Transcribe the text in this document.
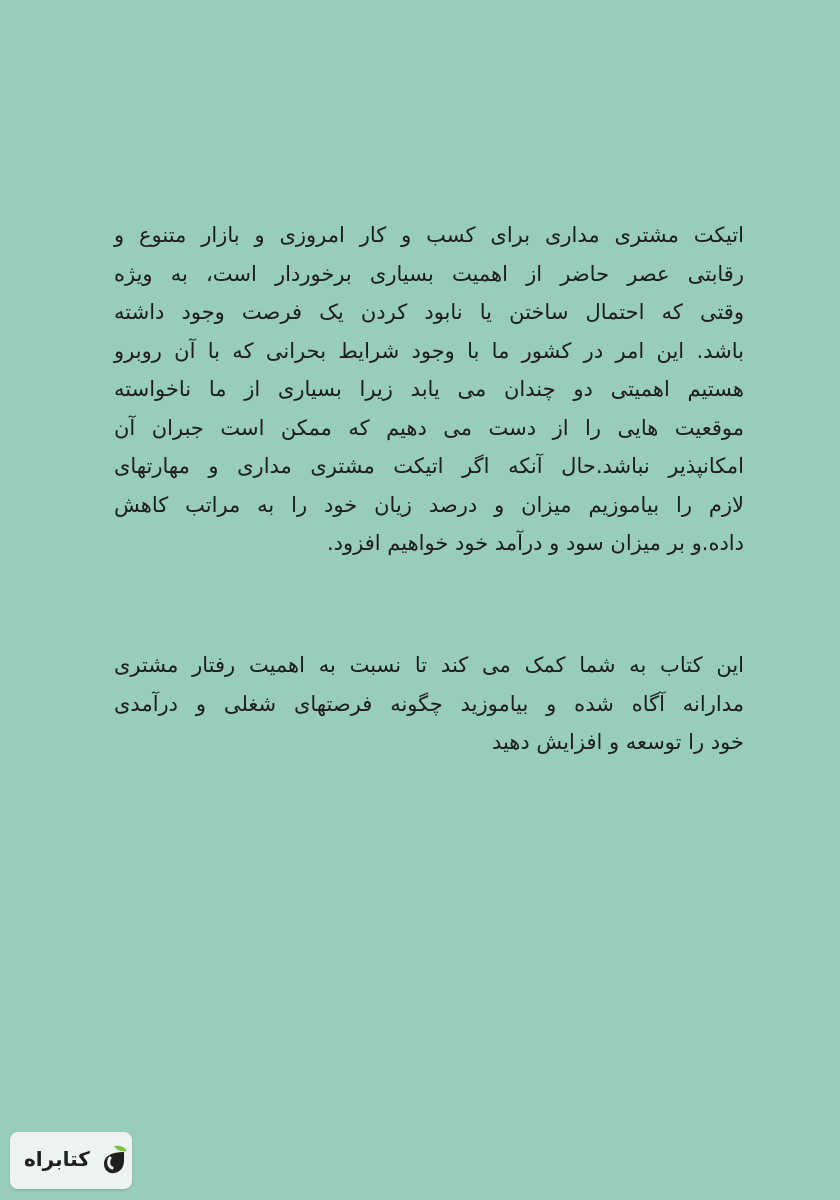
اتیکت مشتری مداری برای کسب و کار امروزی و بازار متنوع و
رقابتی عصر حاضر از اهمیت بسیاری برخوردار است، به ویژه
وقتی که احتمال ساختن یا نابود کردن یک فرصت وجود داشته
باشد. این امر در کشور ما با وجود شرایط بحرانی که با آن روبرو
هستیم اهمیتی دو چندان می یابد زیرا بسیاری از ما ناخواسته
موقعیت هایی را از دست می دهیم که ممکن است جبران آن
امکانپذیر نباشد.حال آنکه اگر اتیکت مشتری مداری و مهارتهای
لازم را بیاموزیم میزان و درصد زیان خود را به مراتب کاهش
داده.و بر میزان سود و درآمد خود خواهیم افزود.
این کتاب به شما کمک می کند تا نسبت به اهمیت رفتار مشتری
مدارانه آگاه شده و بیاموزید چگونه فرصتهای شغلی و درآمدی
خود را توسعه و افزایش دهید
کتابراه
